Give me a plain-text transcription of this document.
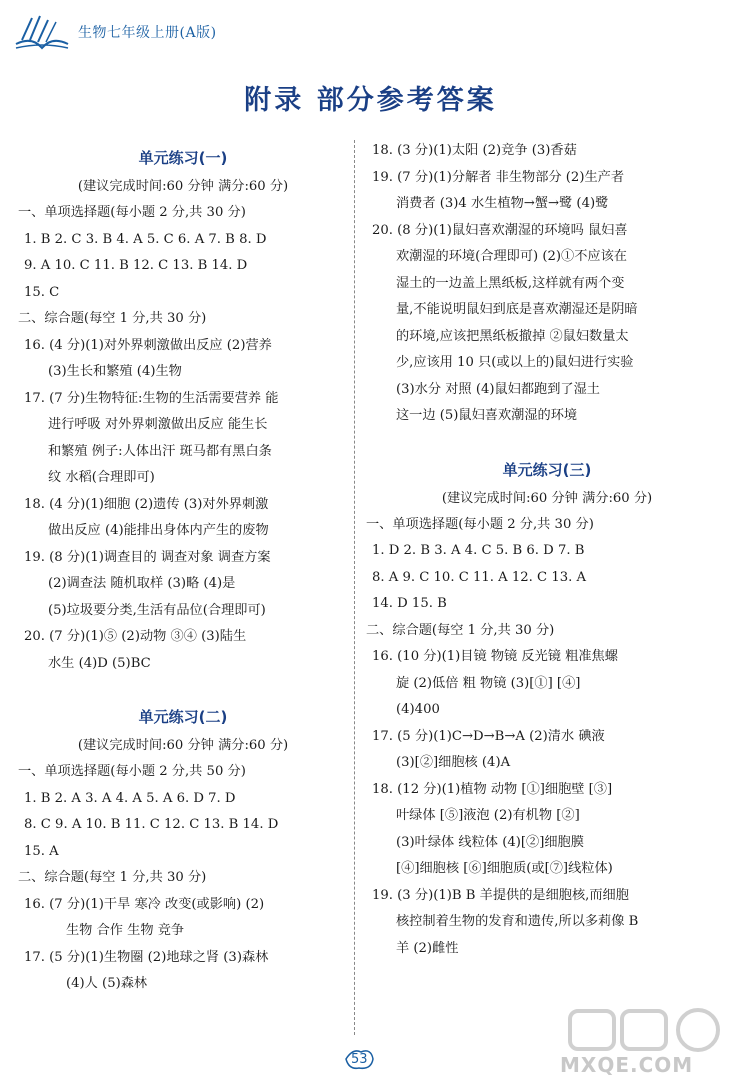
生物七年级上册(A版)
附录 部分参考答案
单元练习(一)
(建议完成时间:60 分钟 满分:60 分)
一、单项选择题(每小题 2 分,共 30 分)
1. B 2. C 3. B 4. A 5. C 6. A 7. B 8. D
9. A 10. C 11. B 12. C 13. B 14. D
15. C
二、综合题(每空 1 分,共 30 分)
16. (4 分)(1)对外界刺激做出反应 (2)营养
(3)生长和繁殖 (4)生物
17. (7 分)生物特征:生物的生活需要营养 能
进行呼吸 对外界刺激做出反应 能生长
和繁殖 例子:人体出汗 斑马都有黑白条
纹 水稻(合理即可)
18. (4 分)(1)细胞 (2)遗传 (3)对外界刺激
做出反应 (4)能排出身体内产生的废物
19. (8 分)(1)调查目的 调查对象 调查方案
(2)调查法 随机取样 (3)略 (4)是
(5)垃圾要分类,生活有品位(合理即可)
20. (7 分)(1)⑤ (2)动物 ③④ (3)陆生
水生 (4)D (5)BC
单元练习(二)
(建议完成时间:60 分钟 满分:60 分)
一、单项选择题(每小题 2 分,共 50 分)
1. B 2. A 3. A 4. A 5. A 6. D 7. D
8. C 9. A 10. B 11. C 12. C 13. B 14. D
15. A
二、综合题(每空 1 分,共 30 分)
16. (7 分)(1)干旱 寒冷 改变(或影响) (2)
生物 合作 生物 竞争
17. (5 分)(1)生物圈 (2)地球之肾 (3)森林
(4)人 (5)森林
18. (3 分)(1)太阳 (2)竞争 (3)香菇
19. (7 分)(1)分解者 非生物部分 (2)生产者
消费者 (3)4 水生植物→蟹→鹭 (4)鹭
20. (8 分)(1)鼠妇喜欢潮湿的环境吗 鼠妇喜
欢潮湿的环境(合理即可) (2)①不应该在
湿土的一边盖上黑纸板,这样就有两个变
量,不能说明鼠妇到底是喜欢潮湿还是阴暗
的环境,应该把黑纸板撤掉 ②鼠妇数量太
少,应该用 10 只(或以上的)鼠妇进行实验
(3)水分 对照 (4)鼠妇都跑到了湿土
这一边 (5)鼠妇喜欢潮湿的环境
单元练习(三)
(建议完成时间:60 分钟 满分:60 分)
一、单项选择题(每小题 2 分,共 30 分)
1. D 2. B 3. A 4. C 5. B 6. D 7. B
8. A 9. C 10. C 11. A 12. C 13. A
14. D 15. B
二、综合题(每空 1 分,共 30 分)
16. (10 分)(1)目镜 物镜 反光镜 粗准焦螺
旋 (2)低倍 粗 物镜 (3)[①] [④]
(4)400
17. (5 分)(1)C→D→B→A (2)清水 碘液
(3)[②]细胞核 (4)A
18. (12 分)(1)植物 动物 [①]细胞壁 [③]
叶绿体 [⑤]液泡 (2)有机物 [②]
(3)叶绿体 线粒体 (4)[②]细胞膜
[④]细胞核 [⑥]细胞质(或[⑦]线粒体)
19. (3 分)(1)B B 羊提供的是细胞核,而细胞
核控制着生物的发育和遗传,所以多莉像 B
羊 (2)雌性
53	MXQE.COM
